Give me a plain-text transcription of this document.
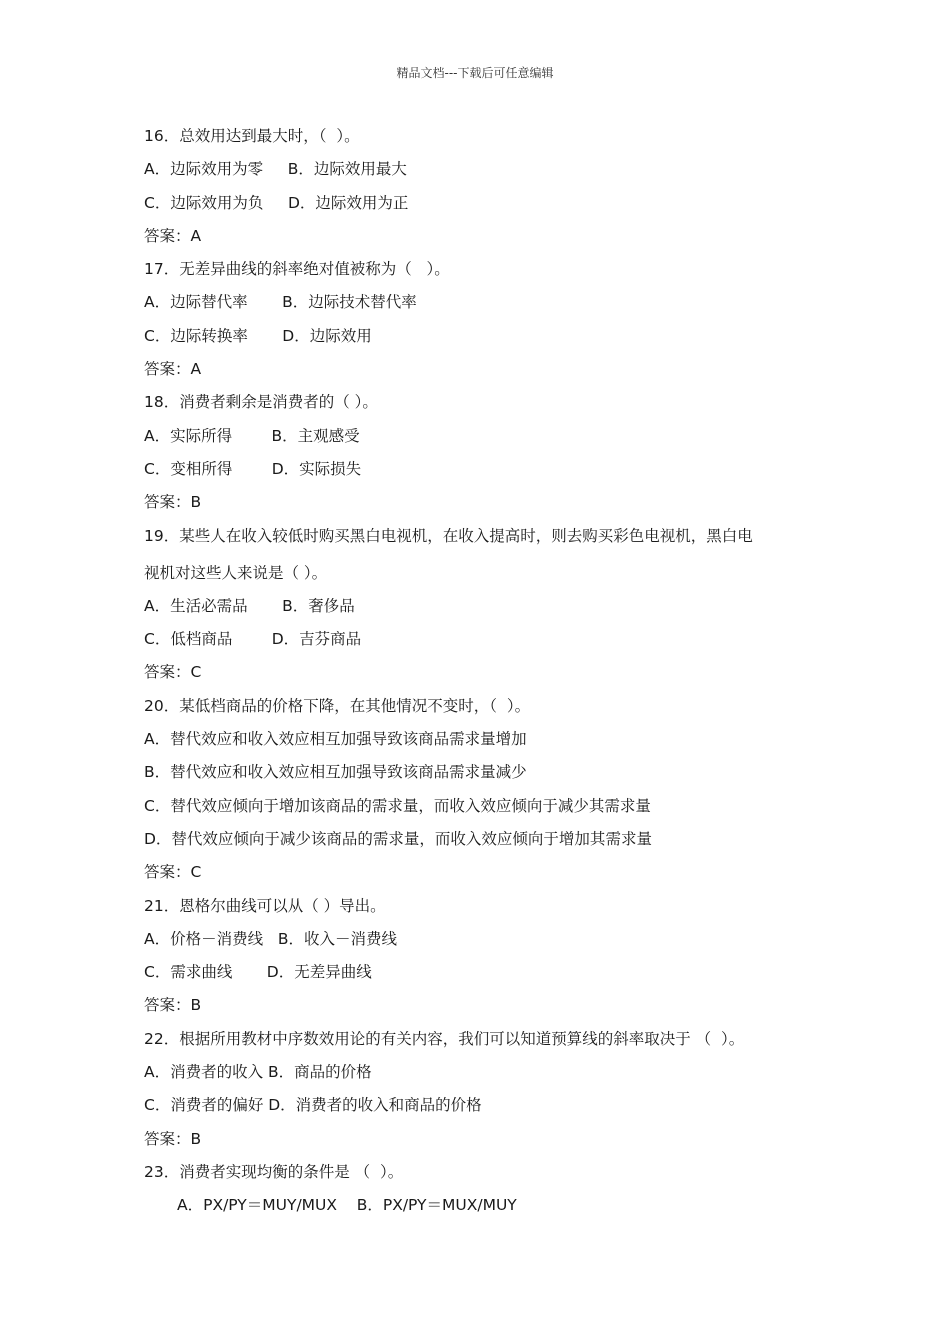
精品文档---下载后可任意编辑
16．总效用达到最大时，（  ）。
A．边际效用为零     B．边际效用最大
C．边际效用为负     D．边际效用为正
答案：A
17．无差异曲线的斜率绝对值被称为（   ）。
A．边际替代率       B．边际技术替代率
C．边际转换率       D．边际效用
答案：A
18．消费者剩余是消费者的（ ）。
A．实际所得        B．主观感受
C．变相所得        D．实际损失
答案：B
19．某些人在收入较低时购买黑白电视机，在收入提高时，则去购买彩色电视机，黑白电
视机对这些人来说是（ ）。
A．生活必需品       B．奢侈品
C．低档商品        D．吉芬商品
答案：C
20．某低档商品的价格下降，在其他情况不变时，（  ）。
A．替代效应和收入效应相互加强导致该商品需求量增加
B．替代效应和收入效应相互加强导致该商品需求量减少
C．替代效应倾向于增加该商品的需求量，而收入效应倾向于减少其需求量
D．替代效应倾向于减少该商品的需求量，而收入效应倾向于增加其需求量
答案：C
21．恩格尔曲线可以从（ ）导出。
A．价格－消费线   B．收入－消费线
C．需求曲线       D．无差异曲线
答案：B
22．根据所用教材中序数效用论的有关内容，我们可以知道预算线的斜率取决于 （  ）。
A．消费者的收入 B．商品的价格
C．消费者的偏好 D．消费者的收入和商品的价格
答案：B
23．消费者实现均衡的条件是 （  ）。
A．PX/PY＝MUY/MUX    B．PX/PY＝MUX/MUY
